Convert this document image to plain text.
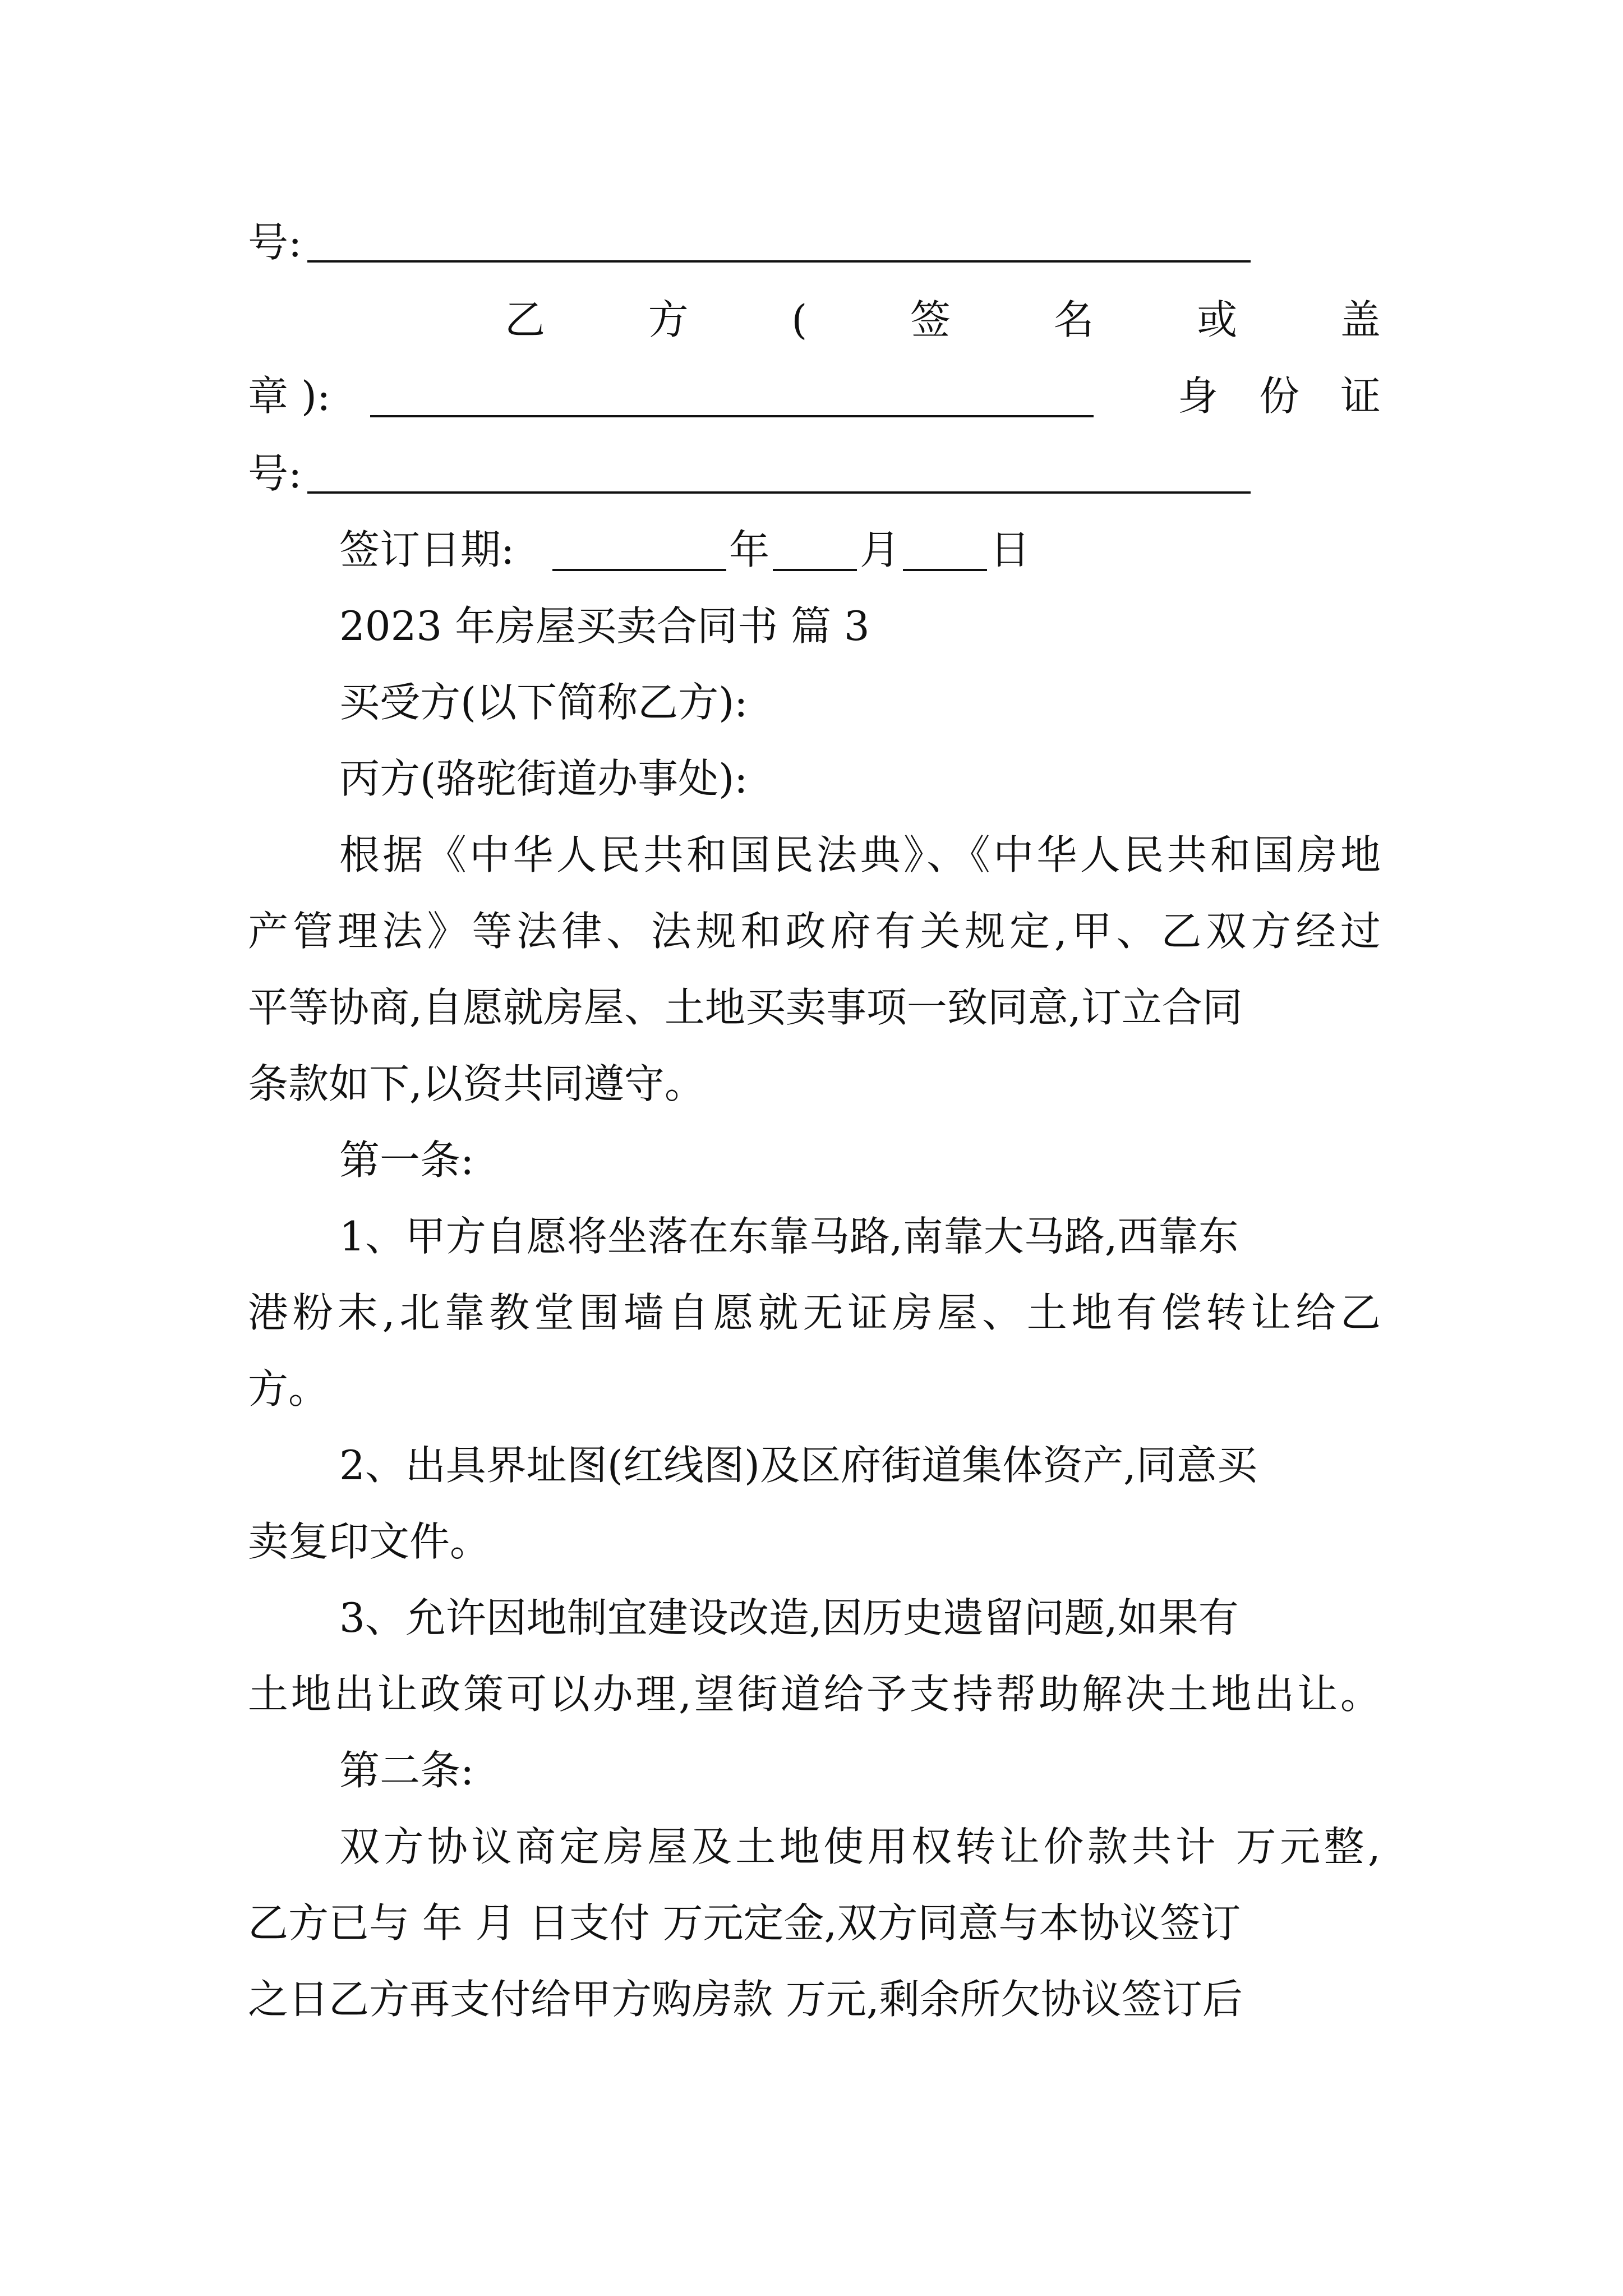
号:
乙	方	(	签	名	或	盖
章 ):	身 份 证
号:
签订日期:	年 月 日
2023 年房屋买卖合同书 篇 3
买受方(以下简称乙方):
丙方(骆驼街道办事处):
根据《中华人民共和国民法典》、《中华人民共和国房地
产管理法》等法律、法规和政府有关规定,甲、乙双方经过
平等协商,自愿就房屋、土地买卖事项一致同意,订立合同
条款如下,以资共同遵守。
第一条:
1、甲方自愿将坐落在东靠马路,南靠大马路,西靠东
港粉末,北靠教堂围墙自愿就无证房屋、土地有偿转让给乙
方。
2、出具界址图(红线图)及区府街道集体资产,同意买
卖复印文件。
3、允许因地制宜建设改造,因历史遗留问题,如果有
土地出让政策可以办理,望街道给予支持帮助解决土地出让。
第二条:
双方协议商定房屋及土地使用权转让价款共计 万元整,
乙方已与 年 月 日支付 万元定金,双方同意与本协议签订
之日乙方再支付给甲方购房款 万元,剩余所欠协议签订后
